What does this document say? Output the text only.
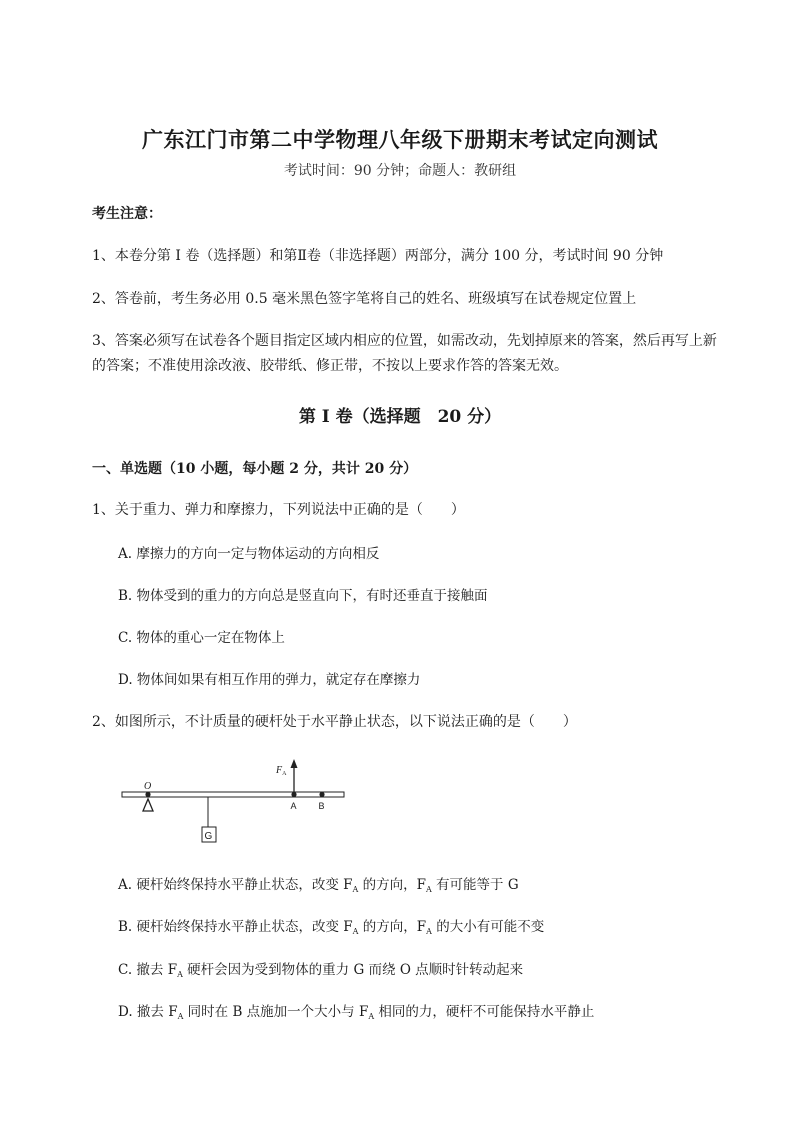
广东江门市第二中学物理八年级下册期末考试定向测试
考试时间：90 分钟；命题人：教研组
考生注意：
1、本卷分第 I 卷（选择题）和第Ⅱ卷（非选择题）两部分，满分 100 分，考试时间 90 分钟
2、答卷前，考生务必用 0.5 毫米黑色签字笔将自己的姓名、班级填写在试卷规定位置上
3、答案必须写在试卷各个题目指定区域内相应的位置，如需改动，先划掉原来的答案，然后再写上新
的答案；不准使用涂改液、胶带纸、修正带，不按以上要求作答的答案无效。
第 I 卷（选择题　20 分）
一、单选题（10 小题，每小题 2 分，共计 20 分）
1、关于重力、弹力和摩擦力，下列说法中正确的是（　　）
A. 摩擦力的方向一定与物体运动的方向相反
B. 物体受到的重力的方向总是竖直向下，有时还垂直于接触面
C. 物体的重心一定在物体上
D. 物体间如果有相互作用的弹力，就定存在摩擦力
2、如图所示，不计质量的硬杆处于水平静止状态，以下说法正确的是（　　）
O
G
$F_A$
A B
A. 硬杆始终保持水平静止状态，改变 $F_A$ 的方向，$F_A$ 有可能等于 G
B. 硬杆始终保持水平静止状态，改变 $F_A$ 的方向，$F_A$ 的大小有可能不变
C. 撤去 $F_A$ 硬杆会因为受到物体的重力 G 而绕 O 点顺时针转动起来
D. 撤去 $F_A$ 同时在 B 点施加一个大小与 $F_A$ 相同的力，硬杆不可能保持水平静止
